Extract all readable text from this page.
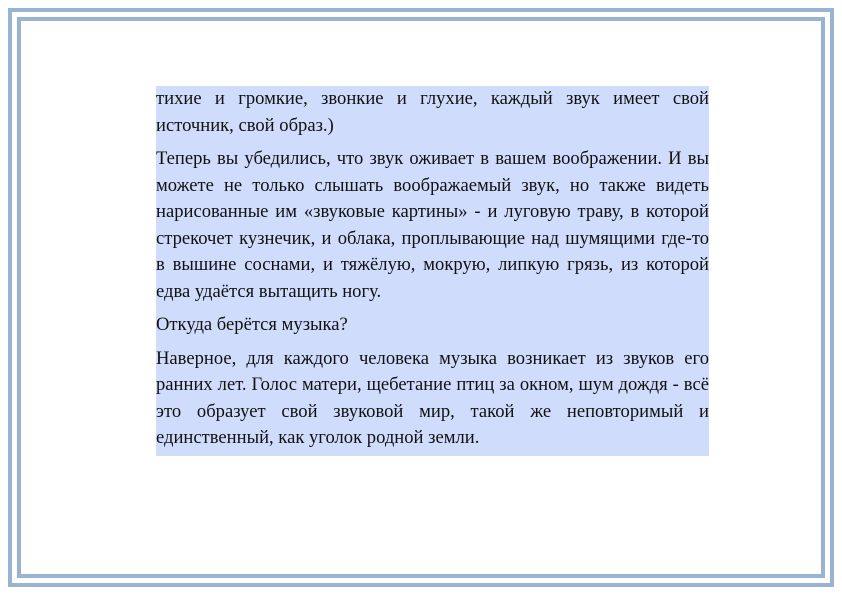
тихие и громкие, звонкие и глухие, каждый звук имеет свой источник, свой образ.)

Теперь вы убедились, что звук оживает в вашем воображении. И вы можете не только слышать воображаемый звук, но также видеть нарисованные им «звуковые картины» - и луговую траву, в которой стрекочет кузнечик, и облака, проплывающие над шумящими где-то в вышине соснами, и тяжёлую, мокрую, липкую грязь, из которой едва удаётся вытащить ногу.

Откуда берётся музыка?

Наверное, для каждого человека музыка возникает из звуков его ранних лет. Голос матери, щебетание птиц за окном, шум дождя - всё это образует свой звуковой мир, такой же неповторимый и единственный, как уголок родной земли.
